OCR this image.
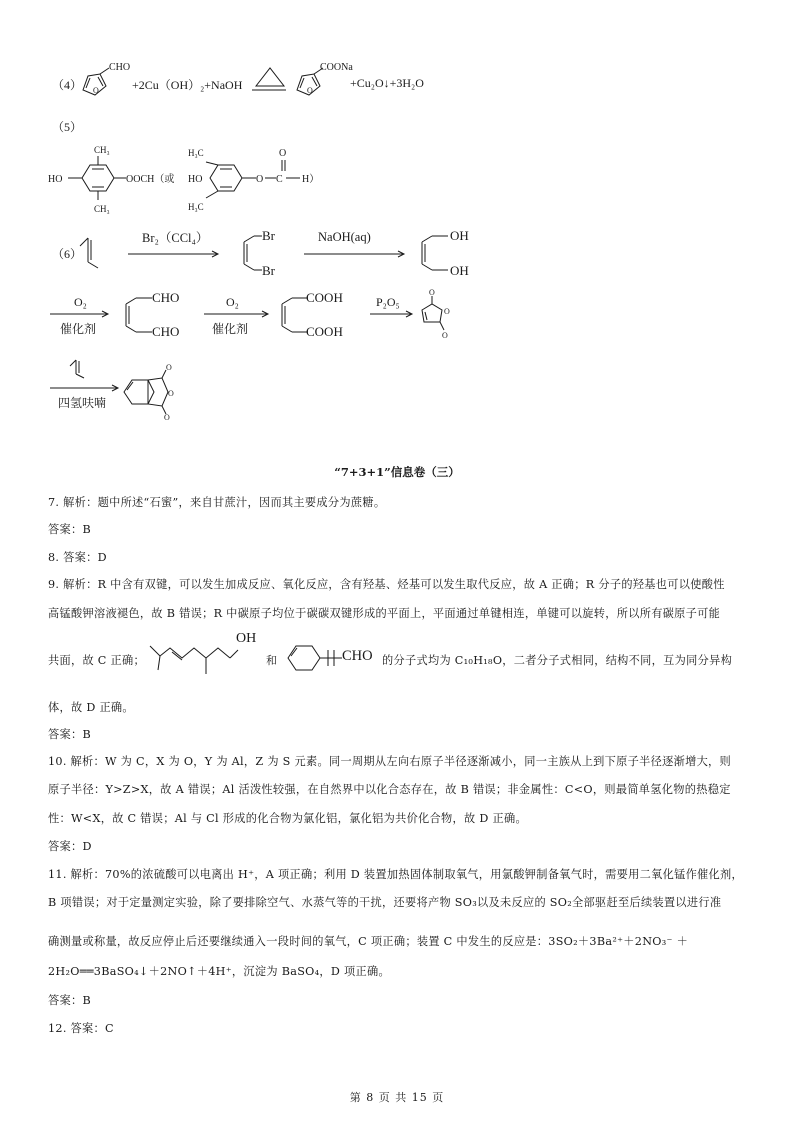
（4） O
CHO
+2Cu（OH）₂+NaOH	O
COONa
+Cu₂O↓+3H₂O
（5）
CH₃
HO	OOCH（或
CH₃
H₃C
H₃C
HO	O C
O
H）
（6）
Br₂（CCl₄）	Br
Br
NaOH(aq)	OH
OH
O₂
催化剂
CHO
CHO
O₂
催化剂
COOH
COOH
P₂O₅
O
O
O
四氢呋喃
O
O
O
“7+3+1”信息卷（三）
7. 解析：题中所述“石蜜”，来自甘蔗汁，因而其主要成分为蔗糖。
答案：B
8. 答案：D
9. 解析：R 中含有双键，可以发生加成反应、氧化反应，含有羟基、烃基可以发生取代反应，故 A 正确；R 分子的羟基也可以使酸性
高锰酸钾溶液褪色，故 B 错误；R 中碳原子均位于碳碳双键形成的平面上，平面通过单键相连，单键可以旋转，所以所有碳原子可能
共面，故 C 正确；
OH
和	CHO 的分子式均为 C₁₀H₁₈O，二者分子式相同，结构不同，互为同分异构
体，故 D 正确。
答案：B
10. 解析：W 为 C，X 为 O，Y 为 Al，Z 为 S 元素。同一周期从左向右原子半径逐渐减小，同一主族从上到下原子半径逐渐增大，则
原子半径：Y>Z>X，故 A 错误；Al 活泼性较强，在自然界中以化合态存在，故 B 错误；非金属性：C<O，则最简单氢化物的热稳定
性：W<X，故 C 错误；Al 与 Cl 形成的化合物为氯化铝，氯化铝为共价化合物，故 D 正确。
答案：D
11. 解析：70%的浓硫酸可以电离出 H⁺，A 项正确；利用 D 装置加热固体制取氧气，用氯酸钾制备氧气时，需要用二氧化锰作催化剂，
B 项错误；对于定量测定实验，除了要排除空气、水蒸气等的干扰，还要将产物 SO₃以及未反应的 SO₂全部驱赶至后续装置以进行准
确测量或称量，故反应停止后还要继续通入一段时间的氧气，C 项正确；装置 C 中发生的反应是：3SO₂＋3Ba²⁺＋2NO₃⁻ ＋
2H₂O══3BaSO₄↓＋2NO↑＋4H⁺，沉淀为 BaSO₄，D 项正确。
答案：B
12. 答案：C
第 8 页 共 15 页
